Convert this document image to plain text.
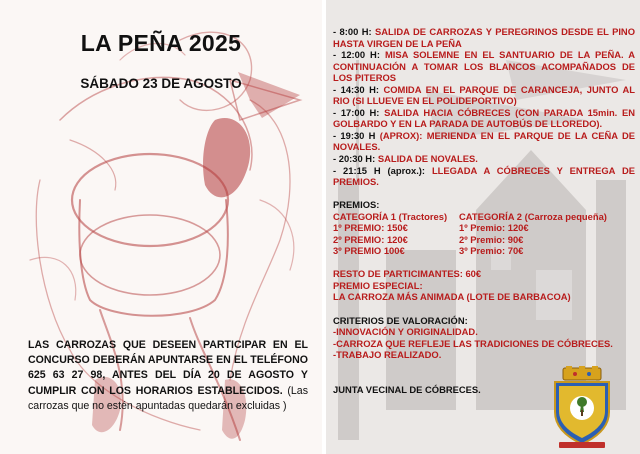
LA PEÑA 2025
SÁBADO 23 DE AGOSTO
LAS CARROZAS QUE DESEEN PARTICIPAR EN EL CONCURSO DEBERÁN APUNTARSE EN EL TELÉFONO 625 63 27 98, ANTES DEL DÍA 20 DE AGOSTO Y CUMPLIR CON LOS HORARIOS ESTABLECIDOS. (Las carrozas que no estén apuntadas quedarán excluidas )
- 8:00 H: SALIDA DE CARROZAS Y PEREGRINOS DESDE EL PINO HASTA VIRGEN DE LA PEÑA
- 12:00 H: MISA SOLEMNE EN EL SANTUARIO DE LA PEÑA. A CONTINUACIÓN A TOMAR LOS BLANCOS ACOMPAÑADOS DE LOS PITEROS
- 14:30 H: COMIDA EN EL PARQUE DE CARANCEJA, JUNTO AL RIO (SI LLUEVE EN EL POLIDEPORTIVO)
- 17:00 H: SALIDA HACIA CÓBRECES (CON PARADA 15min. EN GOLBARDO Y EN LA PARADA DE AUTOBÚS DE LLOREDO).
- 19:30 H (APROX): MERIENDA EN EL PARQUE DE LA CEÑA DE NOVALES.
- 20:30 H: SALIDA DE NOVALES.
- 21:15 H (aprox.): LLEGADA A CÓBRECES Y ENTREGA DE PREMIOS.
PREMIOS:
CATEGORÍA 1 (Tractores)
1º PREMIO: 150€
2º PREMIO: 120€
3º PREMIO 100€
CATEGORÍA 2 (Carroza pequeña)
1º Premio: 120€
2º Premio: 90€
3º Premio: 70€
RESTO DE PARTICIMANTES: 60€
PREMIO ESPECIAL:
LA CARROZA MÁS ANIMADA (LOTE DE BARBACOA)
CRITERIOS DE VALORACIÓN:
-INNOVACIÓN Y ORIGINALIDAD.
-CARROZA QUE REFLEJE LAS TRADICIONES DE CÓBRECES.
-TRABAJO REALIZADO.
JUNTA VECINAL DE CÓBRECES.
